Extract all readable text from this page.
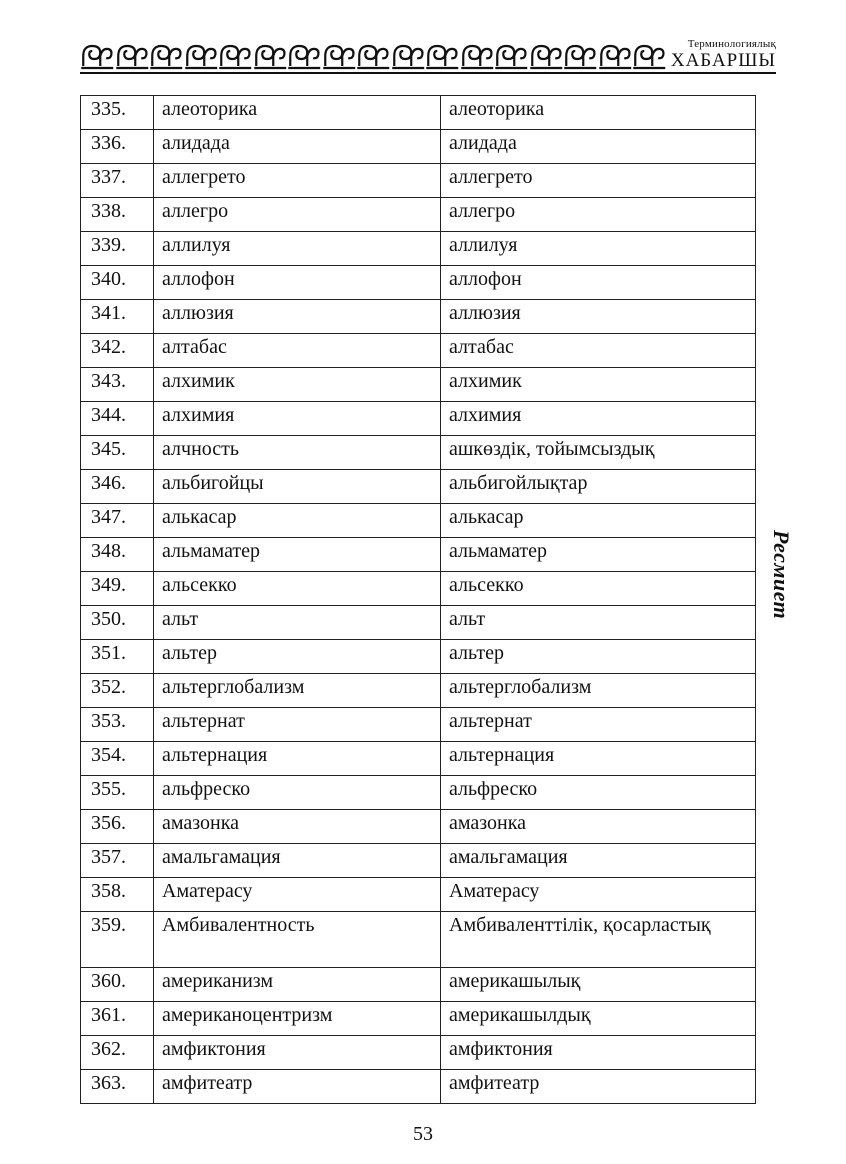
Терминологиялық
ХАБАРШЫ
Ресмиет
335.	алеоторика	алеоторика
336.	алидада	алидада
337.	аллегрето	аллегрето
338.	аллегро	аллегро
339.	аллилуя	аллилуя
340.	аллофон	аллофон
341.	аллюзия	аллюзия
342.	алтабас	алтабас
343.	алхимик	алхимик
344.	алхимия	алхимия
345.	алчность	ашкөздік, тойымсыздық
346.	альбигойцы	альбигойлықтар
347.	алькасар	алькасар
348.	альмаматер	альмаматер
349.	альсекко	альсекко
350.	альт	альт
351.	альтер	альтер
352.	альтерглобализм	альтерглобализм
353.	альтернат	альтернат
354.	альтернация	альтернация
355.	альфреско	альфреско
356.	амазонка	амазонка
357.	амальгамация	амальгамация
358.	Аматерасу	Аматерасу
359.	Амбивалентность	Амбиваленттілік, қосарластық
360.	американизм	америкашылық
361.	американоцентризм	америкашылдық
362.	амфиктония	амфиктония
363.	амфитеатр	амфитеатр
53
